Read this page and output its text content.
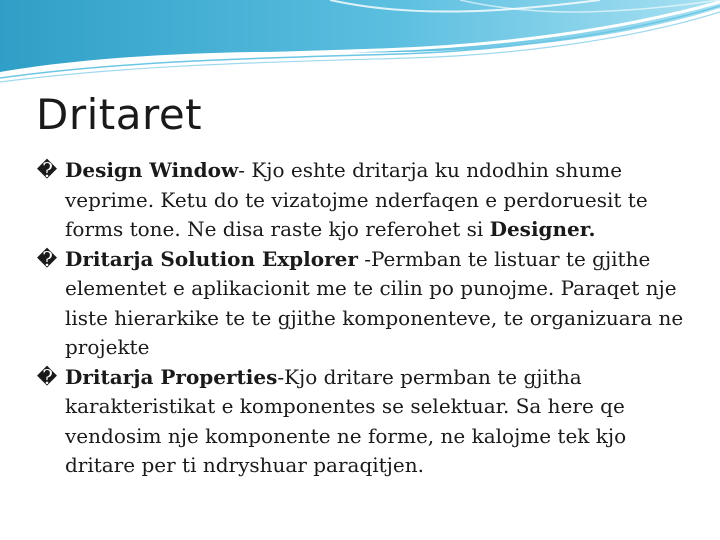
Dritaret
� Design Window- Kjo eshte dritarja ku ndodhin shume veprime. Ketu do te vizatojme nderfaqen e perdoruesit te forms tone. Ne disa raste kjo referohet si Designer.
� Dritarja Solution Explorer -Permban te listuar te gjithe elementet e aplikacionit me te cilin po punojme. Paraqet nje liste hierarkike te te gjithe komponenteve, te organizuara ne projekte
� Dritarja Properties-Kjo dritare permban te gjitha karakteristikat e komponentes se selektuar. Sa here qe vendosim nje komponente ne forme, ne kalojme tek kjo dritare per ti ndryshuar paraqitjen.
